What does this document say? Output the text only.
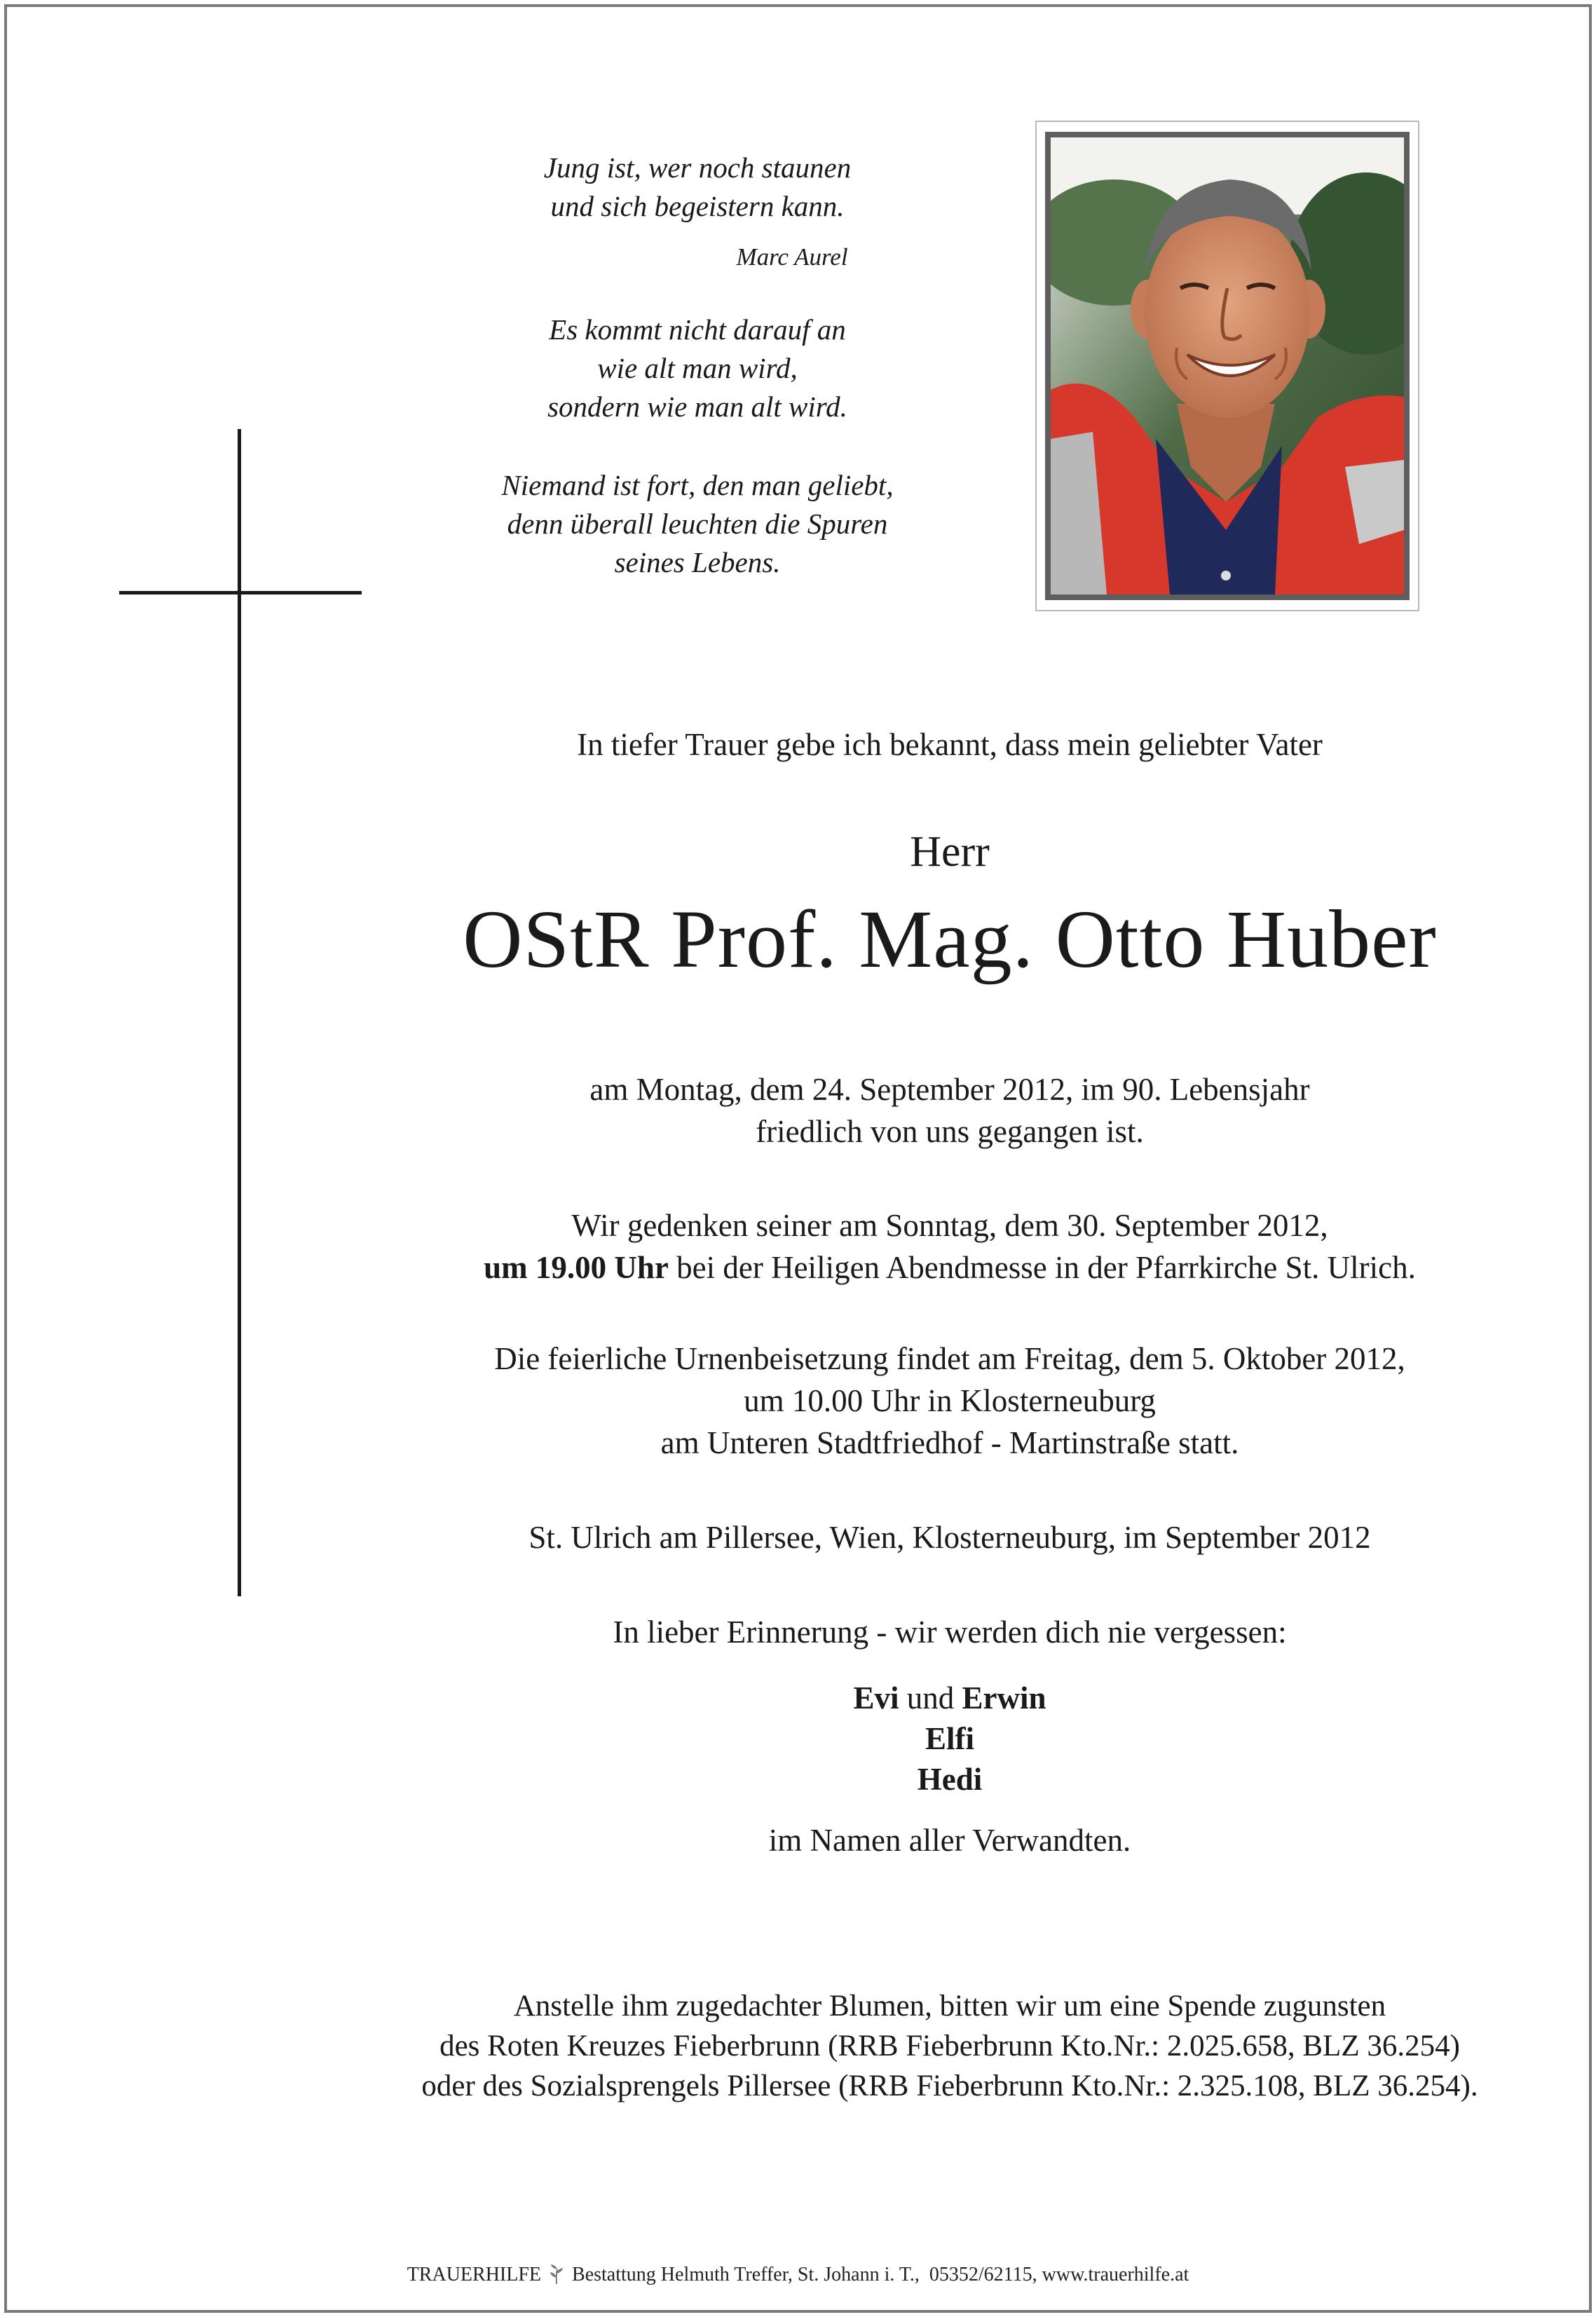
Jung ist, wer noch staunen
und sich begeistern kann.
Marc Aurel
Es kommt nicht darauf an
wie alt man wird,
sondern wie man alt wird.
Niemand ist fort, den man geliebt,
denn überall leuchten die Spuren
seines Lebens.
In tiefer Trauer gebe ich bekannt, dass mein geliebter Vater
Herr
OStR Prof. Mag. Otto Huber
am Montag, dem 24. September 2012, im 90. Lebensjahr
friedlich von uns gegangen ist.
Wir gedenken seiner am Sonntag, dem 30. September 2012,
um 19.00 Uhr bei der Heiligen Abendmesse in der Pfarrkirche St. Ulrich.
Die feierliche Urnenbeisetzung findet am Freitag, dem 5. Oktober 2012,
um 10.00 Uhr in Klosterneuburg
am Unteren Stadtfriedhof - Martinstraße statt.
St. Ulrich am Pillersee, Wien, Klosterneuburg, im September 2012
In lieber Erinnerung - wir werden dich nie vergessen:
Evi und Erwin
Elfi
Hedi
im Namen aller Verwandten.
Anstelle ihm zugedachter Blumen, bitten wir um eine Spende zugunsten
des Roten Kreuzes Fieberbrunn (RRB Fieberbrunn Kto.Nr.: 2.025.658, BLZ 36.254)
oder des Sozialsprengels Pillersee (RRB Fieberbrunn Kto.Nr.: 2.325.108, BLZ 36.254).
TRAUERHILFE Bestattung Helmuth Treffer, St. Johann i. T.,  05352/62115, www.trauerhilfe.at
